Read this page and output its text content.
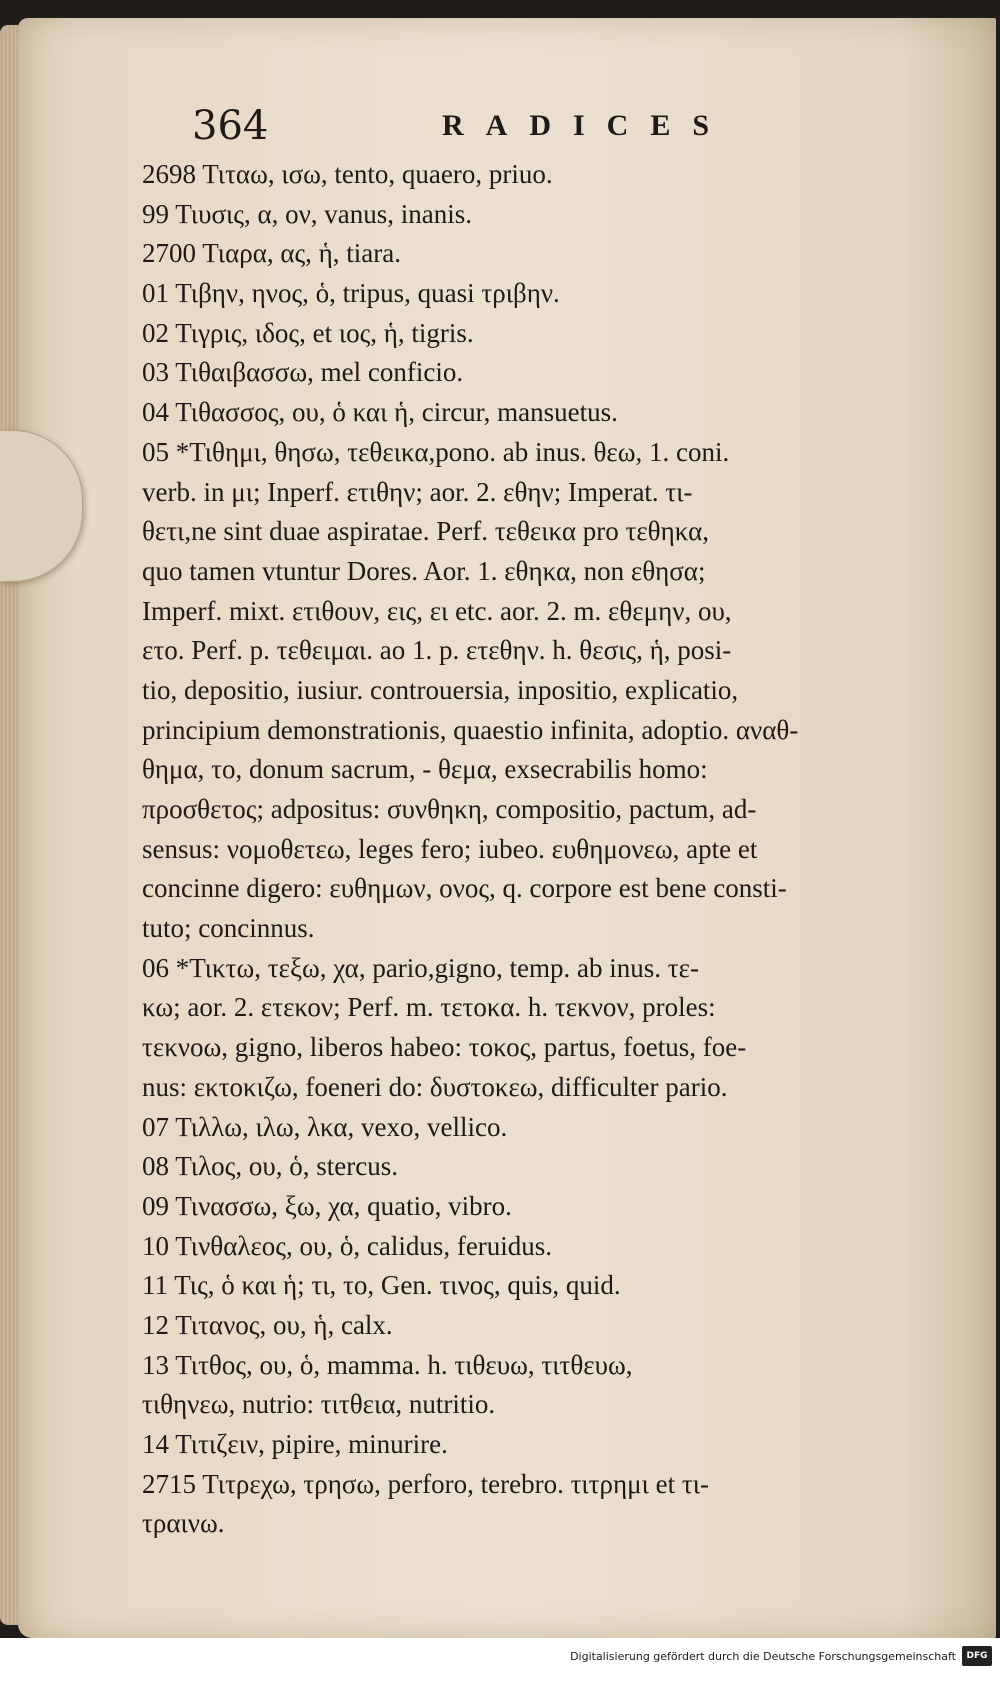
364	RADICES
2698 Τιταω, ισω, tento, quaero, priuo.
99 Τιυσις, α, ον, vanus, inanis.
2700 Τιαρα, ας, ἡ, tiara.
01 Τιβην, ηνος, ὁ, tripus, quasi τριβην.
02 Τιγρις, ιδος, et ιος, ἡ, tigris.
03 Τιθαιβασσω, mel conficio.
04 Τιθασσος, ου, ὁ και ἡ, circur, mansuetus.
05 *Τιθημι, θησω, τεθεικα,pono. ab inus. θεω, 1. coni.
verb. in μι; Inperf. ετιθην; aor. 2. εθην; Imperat. τι-
θετι,ne sint duae aspiratae. Perf. τεθεικα pro τεθηκα,
quo tamen vtuntur Dores. Aor. 1. εθηκα, non εθησα;
Imperf. mixt. ετιθουν, εις, ει etc. aor. 2. m. εθεμην, ου,
ετο. Perf. p. τεθειμαι. ao 1. p. ετεθην. h. θεσις, ἡ, posi-
tio, depositio, iusiur. controuersia, inpositio, explicatio,
principium demonstrationis, quaestio infinita, adoptio. αναθ-
θημα, το, donum sacrum, - θεμα, exsecrabilis homo:
προσθετος; adpositus: συνθηκη, compositio, pactum, ad-
sensus: νομοθετεω, leges fero; iubeo. ευθημονεω, apte et
concinne digero: ευθημων, ονος, q. corpore est bene consti-
tuto; concinnus.
06 *Τικτω, τεξω, χα, pario,gigno, temp. ab inus. τε-
κω; aor. 2. ετεκον; Perf. m. τετοκα. h. τεκνον, proles:
τεκνοω, gigno, liberos habeo: τοκος, partus, foetus, foe-
nus: εκτοκιζω, foeneri do: δυστοκεω, difficulter pario.
07 Τιλλω, ιλω, λκα, vexo, vellico.
08 Τιλος, ου, ὁ, stercus.
09 Τινασσω, ξω, χα, quatio, vibro.
10 Τινθαλεος, ου, ὁ, calidus, feruidus.
11 Τις, ὁ και ἡ; τι, το, Gen. τινος, quis, quid.
12 Τιτανος, ου, ἡ, calx.
13 Τιτθος, ου, ὁ, mamma. h. τιθευω, τιτθευω,
τιθηνεω, nutrio: τιτθεια, nutritio.
14 Τιτιζειν, pipire, minurire.
2715 Τιτρεχω, τρησω, perforo, terebro. τιτρημι et τι-
τραινω.
Digitalisierung gefördert durch die Deutsche Forschungsgemeinschaft	DFG
